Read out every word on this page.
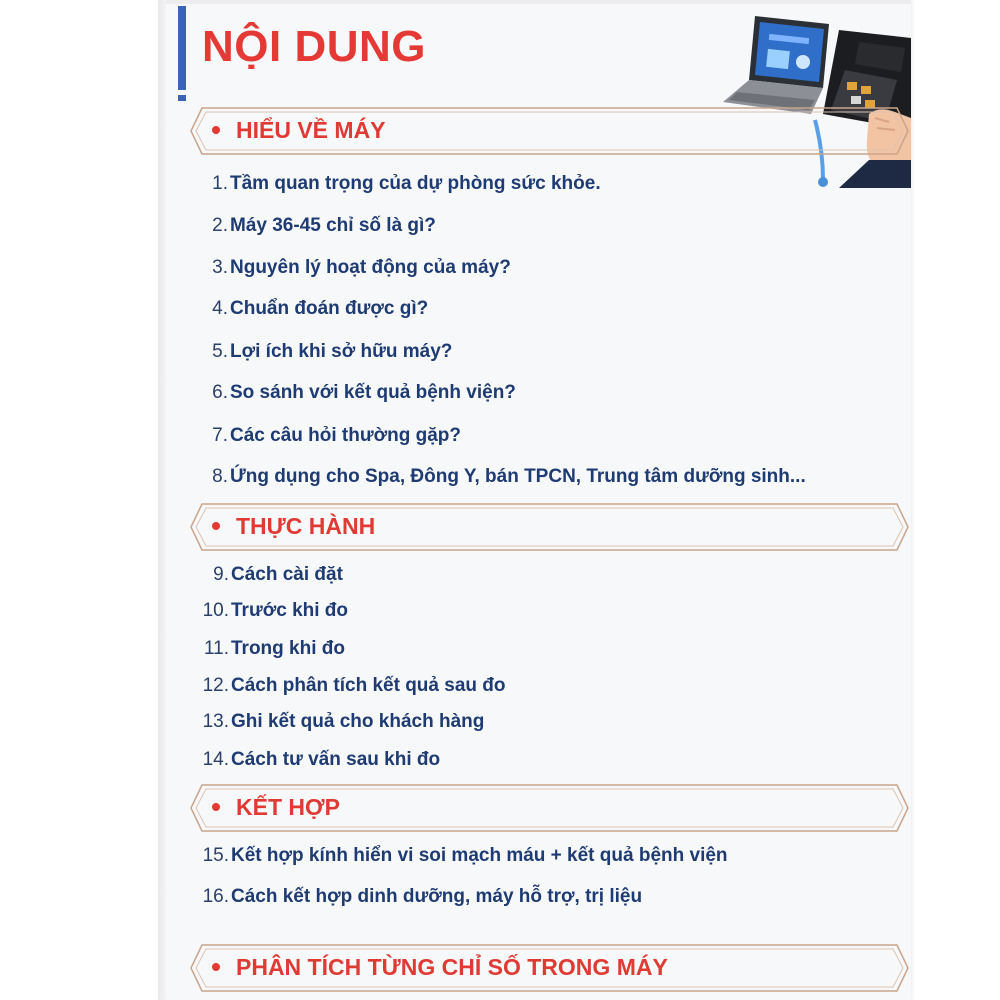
NỘI DUNG
HIỂU VỀ MÁY
1. Tầm quan trọng của dự phòng sức khỏe.
2. Máy 36-45 chỉ số là gì?
3. Nguyên lý hoạt động của máy?
4. Chuẩn đoán được gì?
5. Lợi ích khi sở hữu máy?
6. So sánh với kết quả bệnh viện?
7. Các câu hỏi thường gặp?
8. Ứng dụng cho Spa, Đông Y, bán TPCN, Trung tâm dưỡng sinh...
THỰC HÀNH
9. Cách cài đặt
10. Trước khi đo
11. Trong khi đo
12. Cách phân tích kết quả sau đo
13. Ghi kết quả cho khách hàng
14. Cách tư vấn sau khi đo
KẾT HỢP
15. Kết hợp kính hiển vi soi mạch máu + kết quả bệnh viện
16. Cách kết hợp dinh dưỡng, máy hỗ trợ, trị liệu
PHÂN TÍCH TỪNG CHỈ SỐ TRONG MÁY
